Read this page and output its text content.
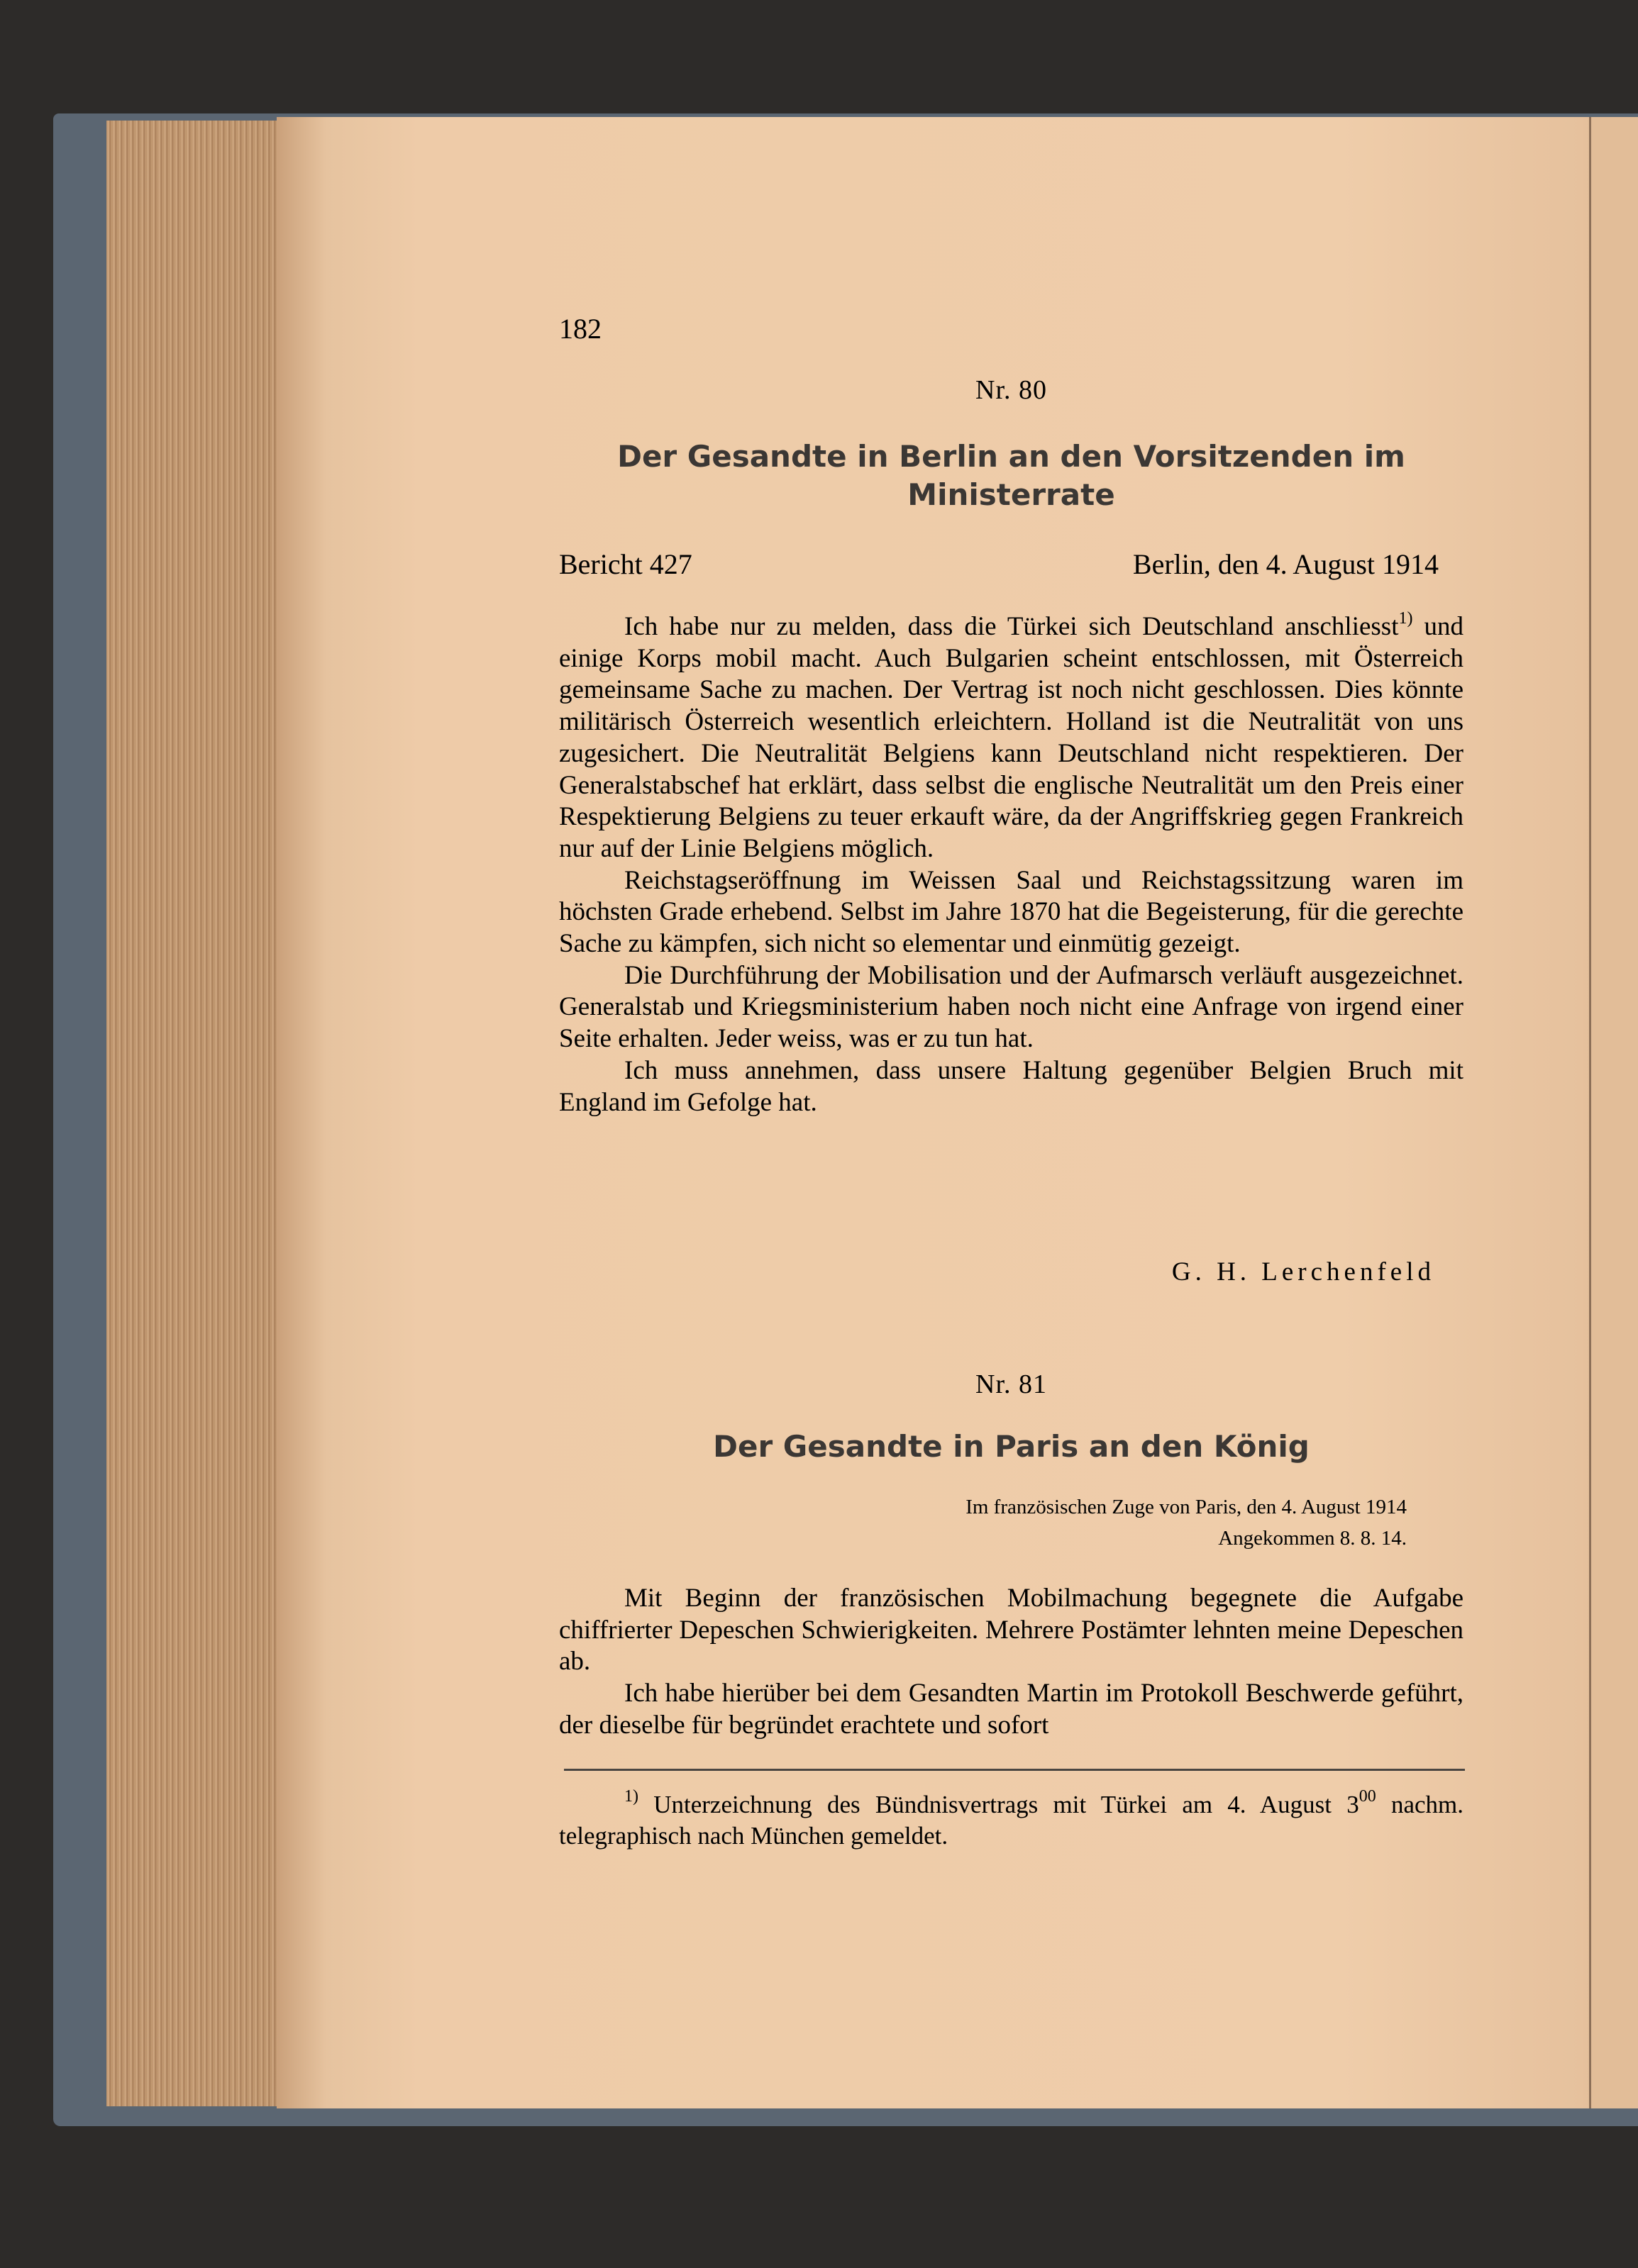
182
Nr. 80
Der Gesandte in Berlin an den Vorsitzenden im
Ministerrate
Bericht 427	Berlin, den 4. August 1914

Ich habe nur zu melden, dass die Türkei sich Deutschland anschliesst$^{1)}$ und einige Korps mobil macht. Auch Bulgarien scheint entschlossen, mit Österreich gemeinsame Sache zu machen. Der Vertrag ist noch nicht geschlossen. Dies könnte militärisch Österreich wesentlich erleichtern. Holland ist die Neutralität von uns zugesichert. Die Neutralität Belgiens kann Deutschland nicht respektieren. Der Generalstabschef hat erklärt, dass selbst die englische Neutralität um den Preis einer Respektierung Belgiens zu teuer erkauft wäre, da der Angriffskrieg gegen Frankreich nur auf der Linie Belgiens möglich.

Reichstagseröffnung im Weissen Saal und Reichstagssitzung waren im höchsten Grade erhebend. Selbst im Jahre 1870 hat die Begeisterung, für die gerechte Sache zu kämpfen, sich nicht so elementar und einmütig gezeigt.

Die Durchführung der Mobilisation und der Aufmarsch verläuft ausgezeichnet. Generalstab und Kriegsministerium haben noch nicht eine Anfrage von irgend einer Seite erhalten. Jeder weiss, was er zu tun hat.

Ich muss annehmen, dass unsere Haltung gegenüber Belgien Bruch mit England im Gefolge hat.

G. H. Lerchenfeld
Nr. 81
Der Gesandte in Paris an den König
Im französischen Zuge von Paris, den 4. August 1914
Angekommen 8. 8. 14.

Mit Beginn der französischen Mobilmachung begegnete die Aufgabe chiffrierter Depeschen Schwierigkeiten. Mehrere Postämter lehnten meine Depeschen ab.

Ich habe hierüber bei dem Gesandten Martin im Protokoll Beschwerde geführt, der dieselbe für begründet erachtete und sofort

$^{1)}$ Unterzeichnung des Bündnisvertrags mit Türkei am 4. August $3^{00}$ nachm. telegraphisch nach München gemeldet.
